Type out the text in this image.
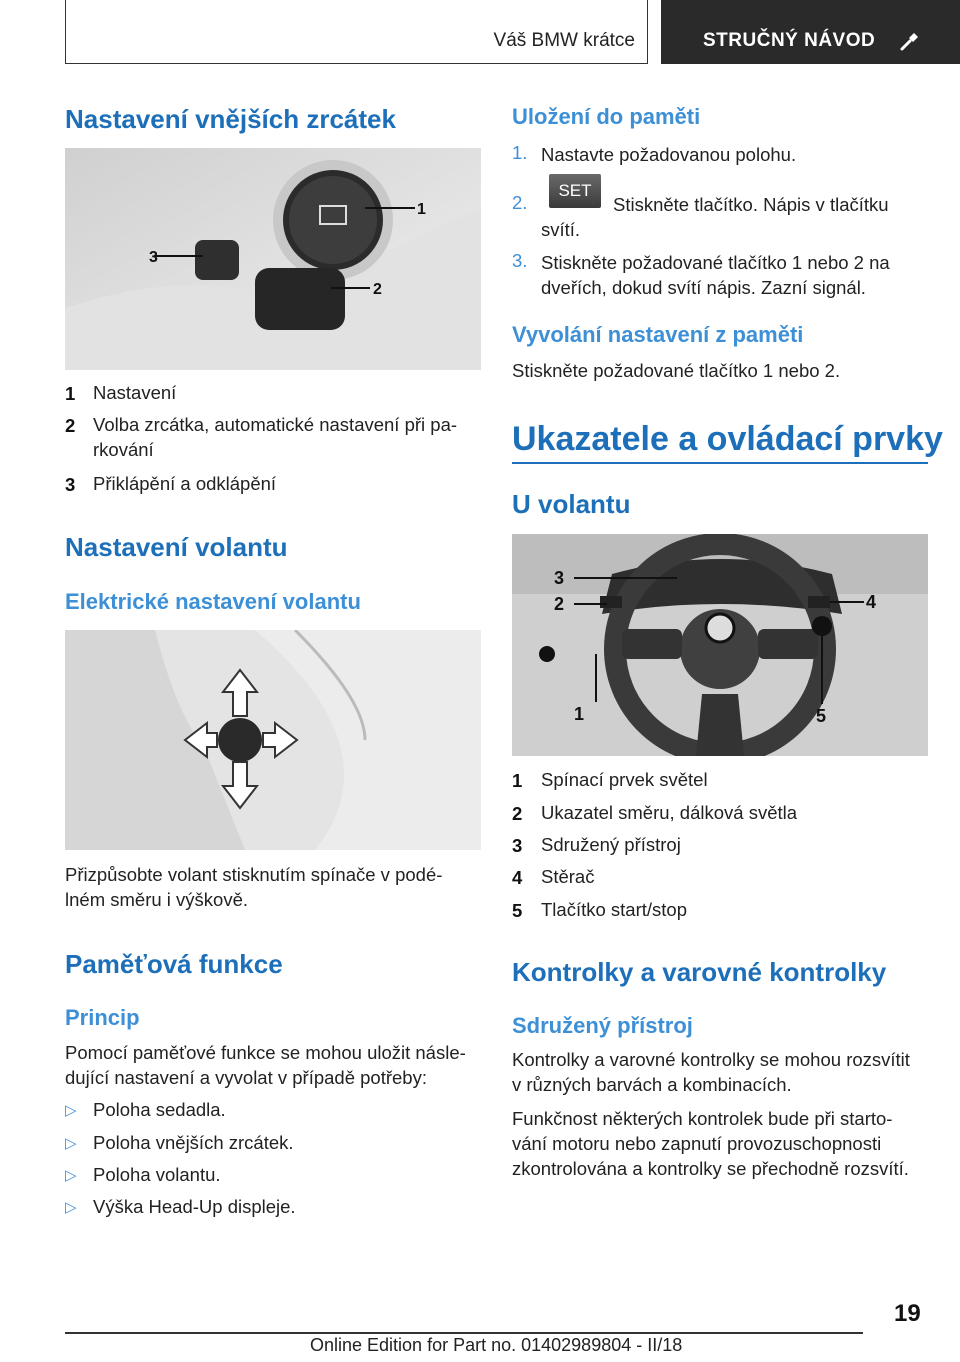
Váš BMW krátce	STRUČNÝ NÁVOD
Nastavení vnějších zrcátek
1
2
3
1 Nastavení
2 Volba zrcátka, automatické nastavení při pa-
rkování
3 Přiklápění a odklápění
Nastavení volantu
Elektrické nastavení volantu

Přizpůsobte volant stisknutím spínače v podé-

lném směru i výškově.

Paměťová funkce
Princip

Pomocí paměťové funkce se mohou uložit násle-

dující nastavení a vyvolat v případě potřeby:

▷ Poloha sedadla.
▷ Poloha vnějších zrcátek.
▷ Poloha volantu.
▷ Výška Head-Up displeje.
Uložení do paměti
1. Nastavte požadovanou polohu.
2.
SET
Stiskněte tlačítko. Nápis v tlačítku
svítí.
3. Stiskněte požadované tlačítko 1 nebo 2 na
dveřích, dokud svítí nápis. Zazní signál.
Vyvolání nastavení z paměti

Stiskněte požadované tlačítko 1 nebo 2.

Ukazatele a ovládací prvky
U volantu
3
2	4
1	5
1 Spínací prvek světel
2 Ukazatel směru, dálková světla
3 Sdružený přístroj
4 Stěrač
5 Tlačítko start/stop
Kontrolky a varovné kontrolky
Sdružený přístroj

Kontrolky a varovné kontrolky se mohou rozsvítit

v různých barvách a kombinacích.

Funkčnost některých kontrolek bude při starto-

vání motoru nebo zapnutí provozuschopnosti

zkontrolována a kontrolky se přechodně rozsvítí.

19
Online Edition for Part no. 01402989804 - II/18
